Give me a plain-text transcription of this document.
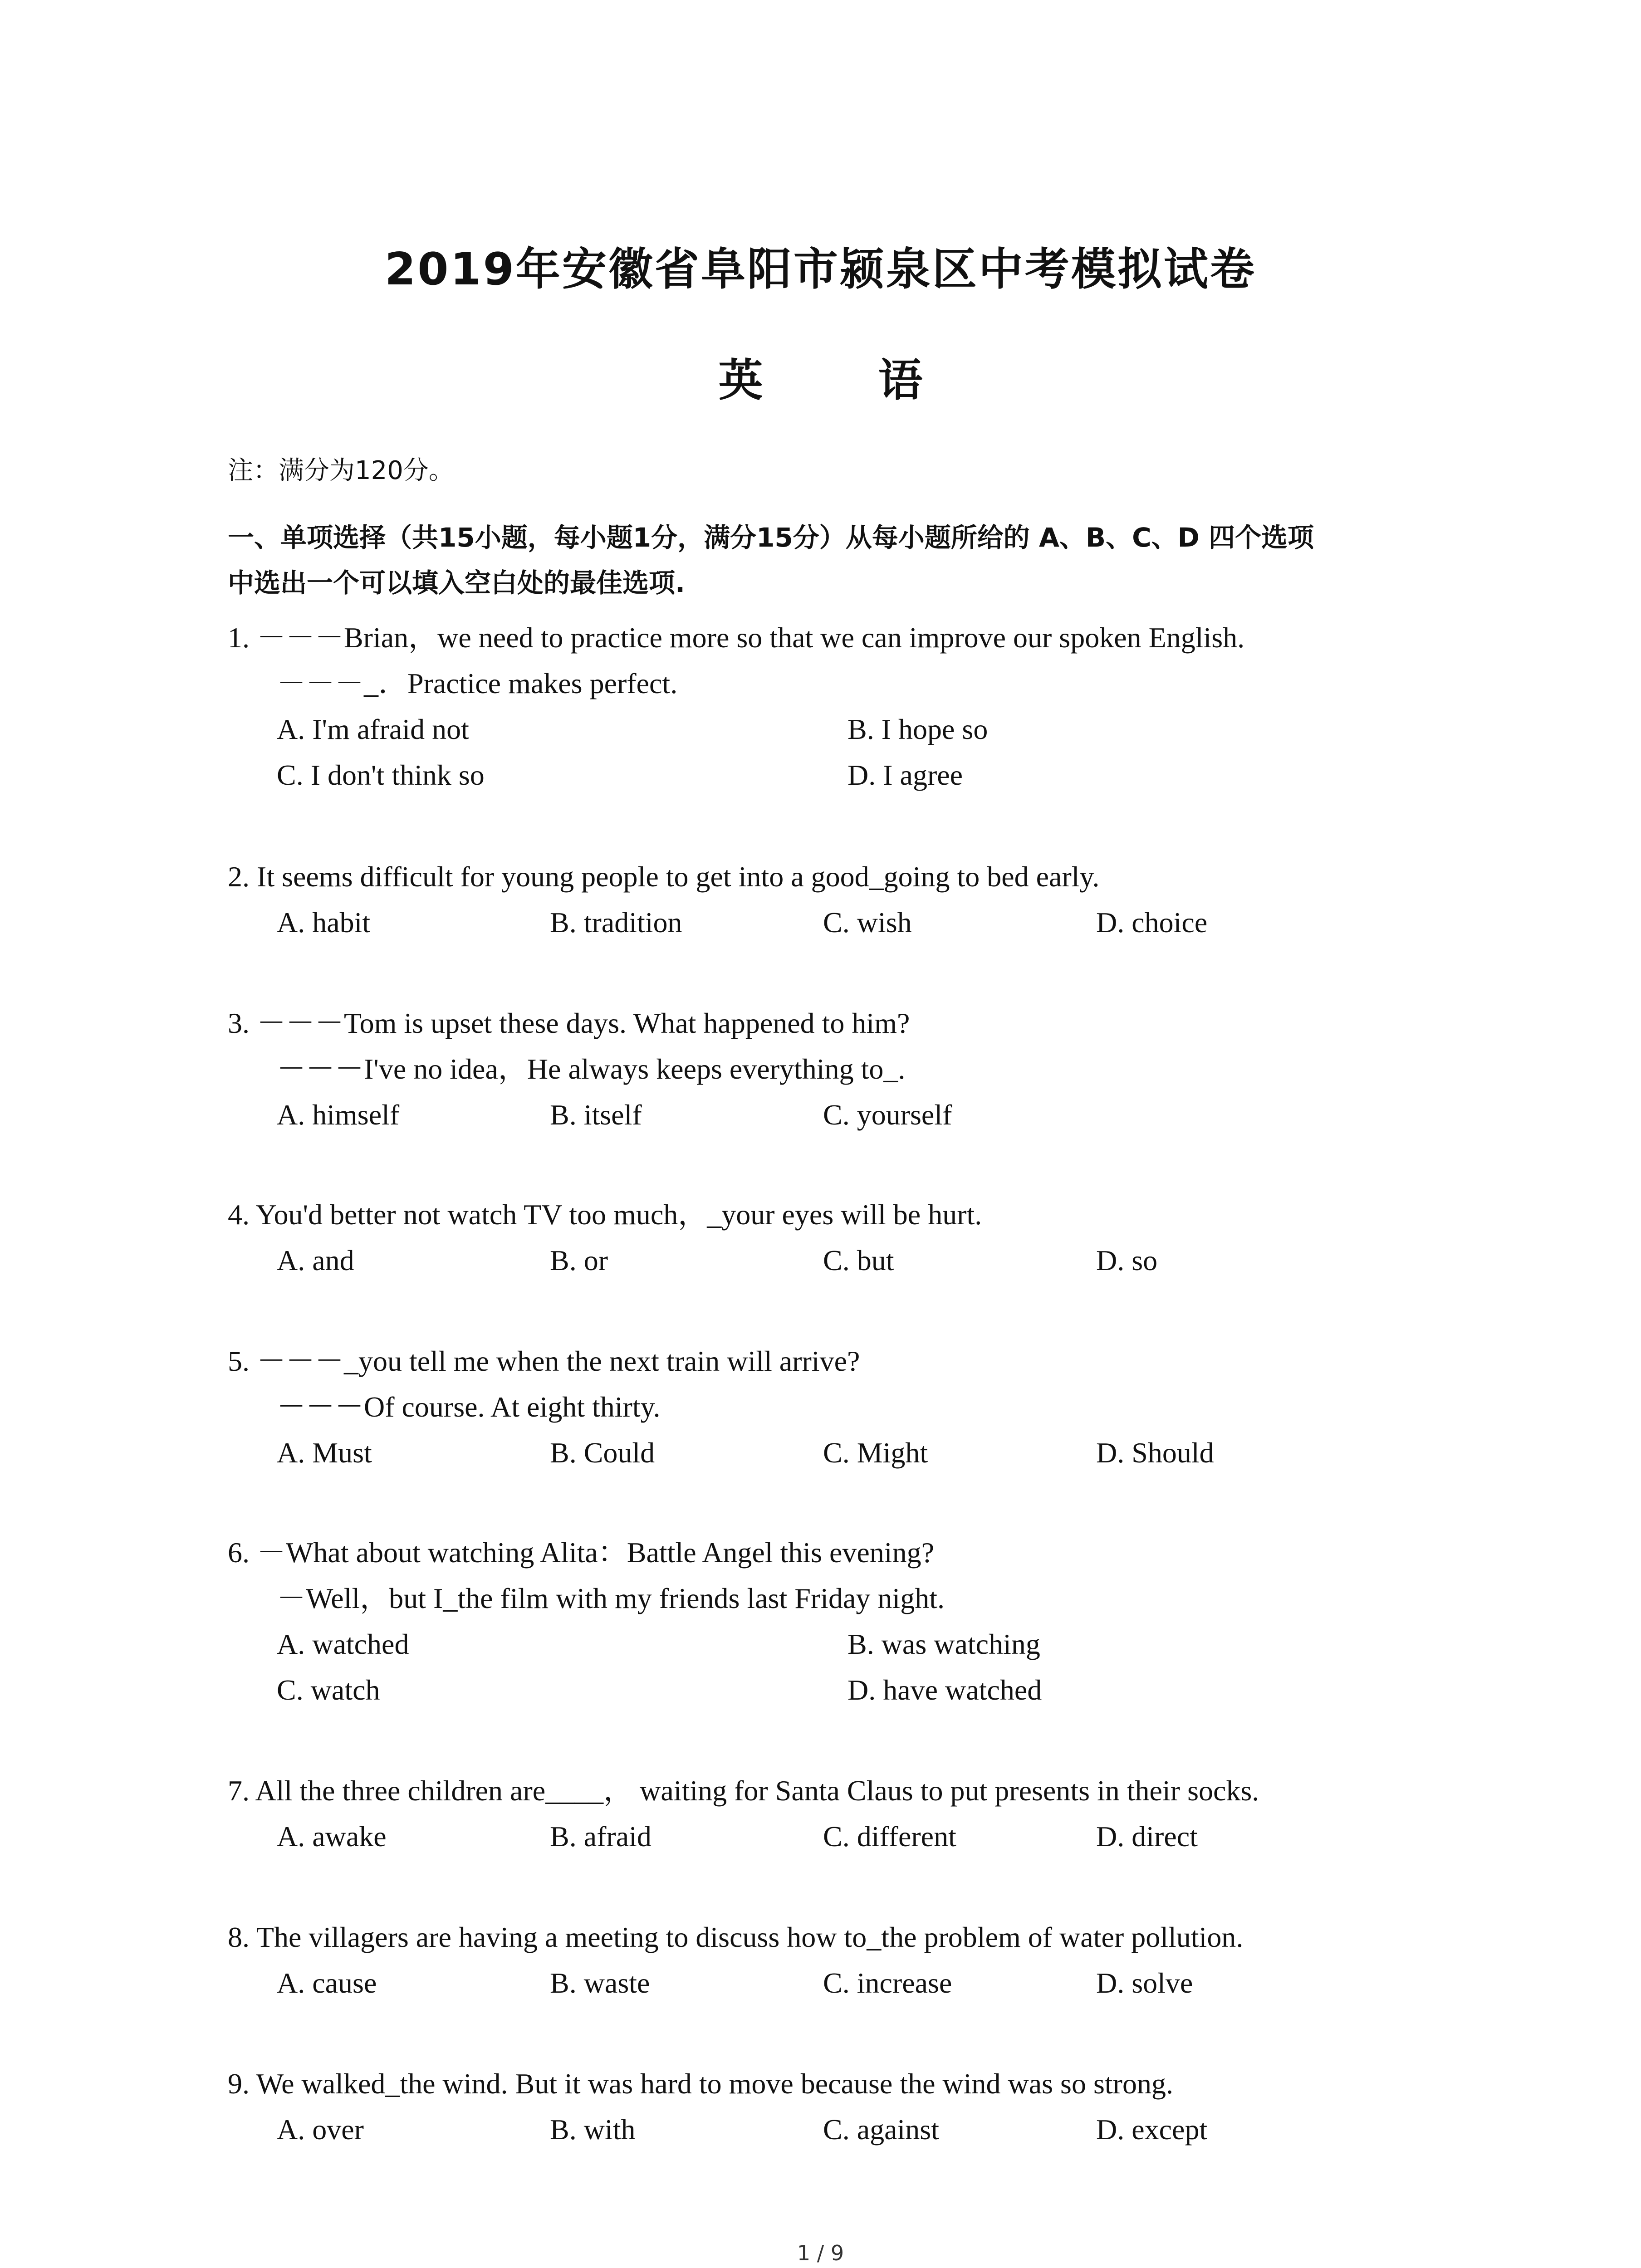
2019年安徽省阜阳市颍泉区中考模拟试卷
英 语
注：满分为120分。
一、单项选择（共15小题，每小题1分，满分15分）从每小题所给的 A、B、C、D 四个选项
中选出一个可以填入空白处的最佳选项.
1. －－－Brian，we need to practice more so that we can improve our spoken English.
－－－_．Practice makes perfect.
A. I'm afraid not	B. I hope so
C. I don't think so	D. I agree
2. It seems difficult for young people to get into a good_going to bed early.
A. habit	B. tradition	C. wish	D. choice
3. －－－Tom is upset these days. What happened to him?
－－－I've no idea，He always keeps everything to_.
A. himself	B. itself	C. yourself
4. You'd better not watch TV too much，_your eyes will be hurt.
A. and	B. or	C. but	D. so
5. －－－_you tell me when the next train will arrive?
－－－Of course. At eight thirty.
A. Must	B. Could	C. Might	D. Should
6. －What about watching Alita：Battle Angel this evening?
－Well，but I_the film with my friends last Friday night.
A. watched	B. was watching
C. watch	D. have watched
7. All the three children are____， waiting for Santa Claus to put presents in their socks.
A. awake	B. afraid	C. different	D. direct
8. The villagers are having a meeting to discuss how to_the problem of water pollution.
A. cause	B. waste	C. increase	D. solve
9. We walked_the wind. But it was hard to move because the wind was so strong.
A. over	B. with	C. against	D. except
1 / 9
